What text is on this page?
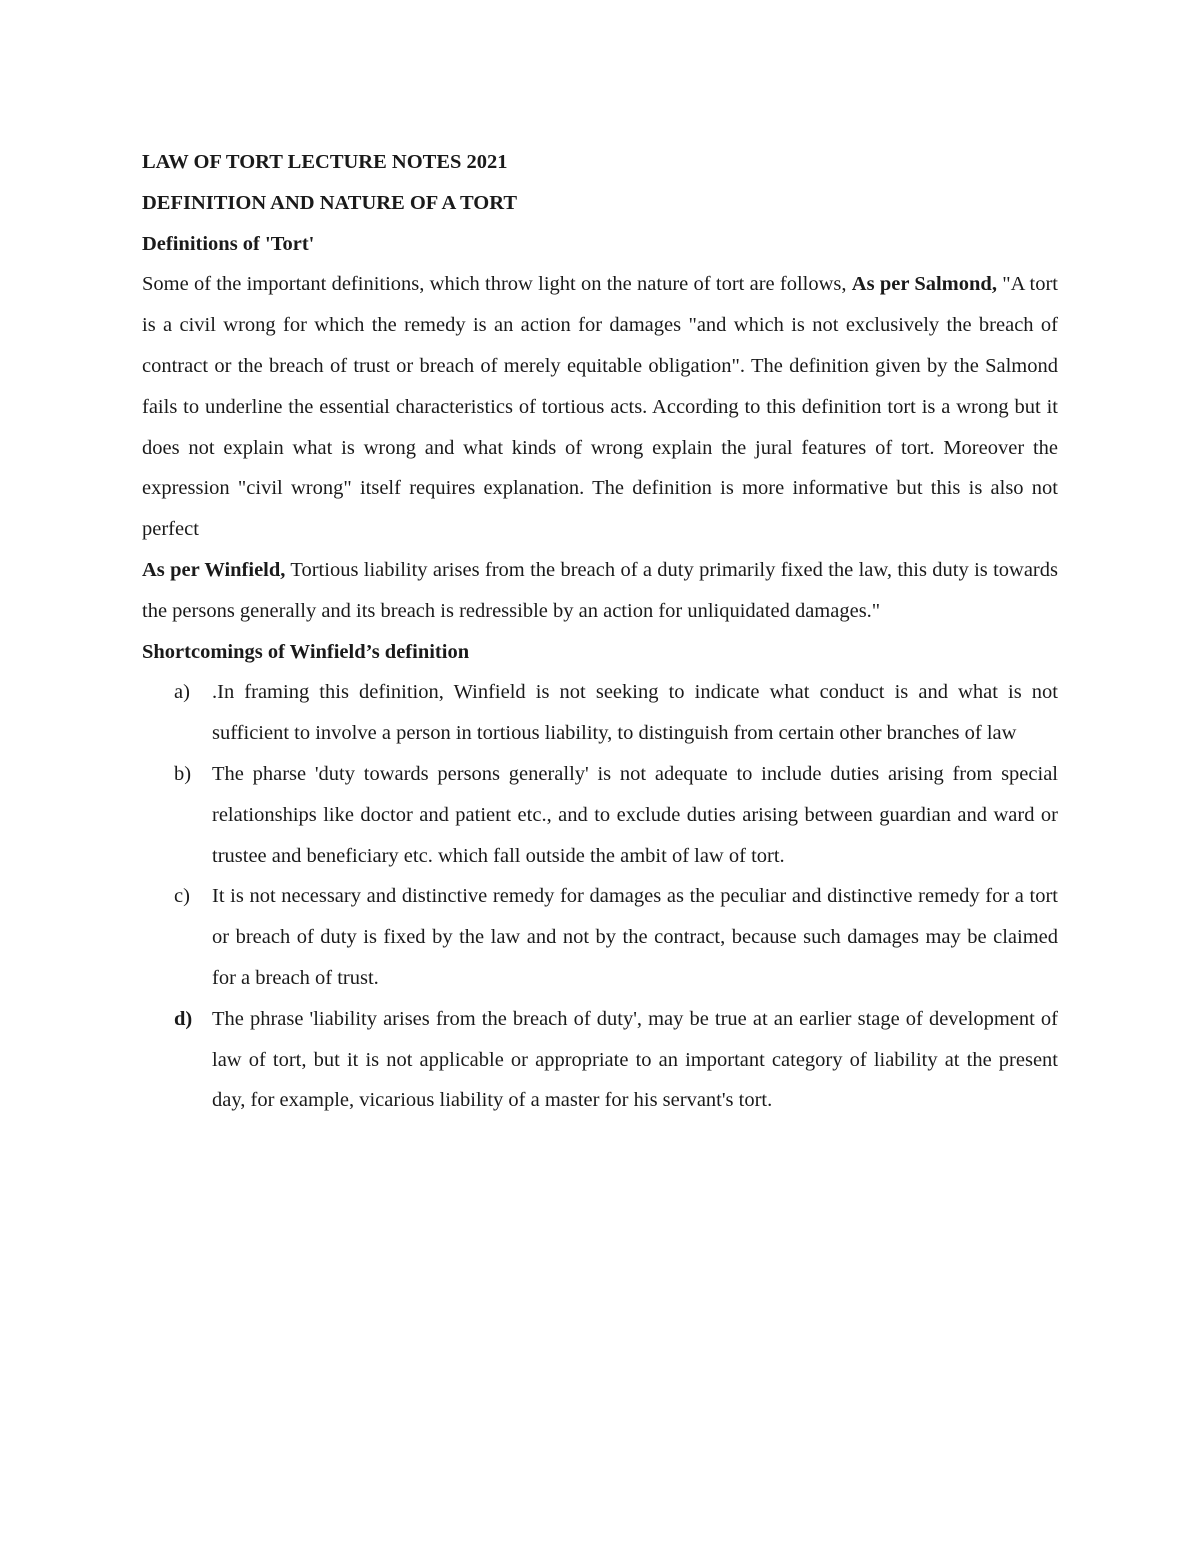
LAW OF TORT LECTURE NOTES 2021

DEFINITION AND NATURE OF A TORT

Definitions of 'Tort'

Some of the important definitions, which throw light on the nature of tort are follows, As per Salmond, "A tort is a civil wrong for which the remedy is an action for damages "and which is not exclusively the breach of contract or the breach of trust or breach of merely equitable obligation". The definition given by the Salmond fails to underline the essential characteristics of tortious acts. According to this definition tort is a wrong but it does not explain what is wrong and what kinds of wrong explain the jural features of tort. Moreover the expression "civil wrong" itself requires explanation. The definition is more informative but this is also not perfect

As per Winfield, Tortious liability arises from the breach of a duty primarily fixed the law, this duty is towards the persons generally and its breach is redressible by an action for unliquidated damages."

Shortcomings of Winfield’s definition

a) .In framing this definition, Winfield is not seeking to indicate what conduct is and what is not sufficient to involve a person in tortious liability, to distinguish from certain other branches of law
b) The pharse 'duty towards persons generally' is not adequate to include duties arising from special relationships like doctor and patient etc., and to exclude duties arising between guardian and ward or trustee and beneficiary etc. which fall outside the ambit of law of tort.
c) It is not necessary and distinctive remedy for damages as the peculiar and distinctive remedy for a tort or breach of duty is fixed by the law and not by the contract, because such damages may be claimed for a breach of trust.
d) The phrase 'liability arises from the breach of duty', may be true at an earlier stage of development of law of tort, but it is not applicable or appropriate to an important category of liability at the present day, for example, vicarious liability of a master for his servant's tort.
